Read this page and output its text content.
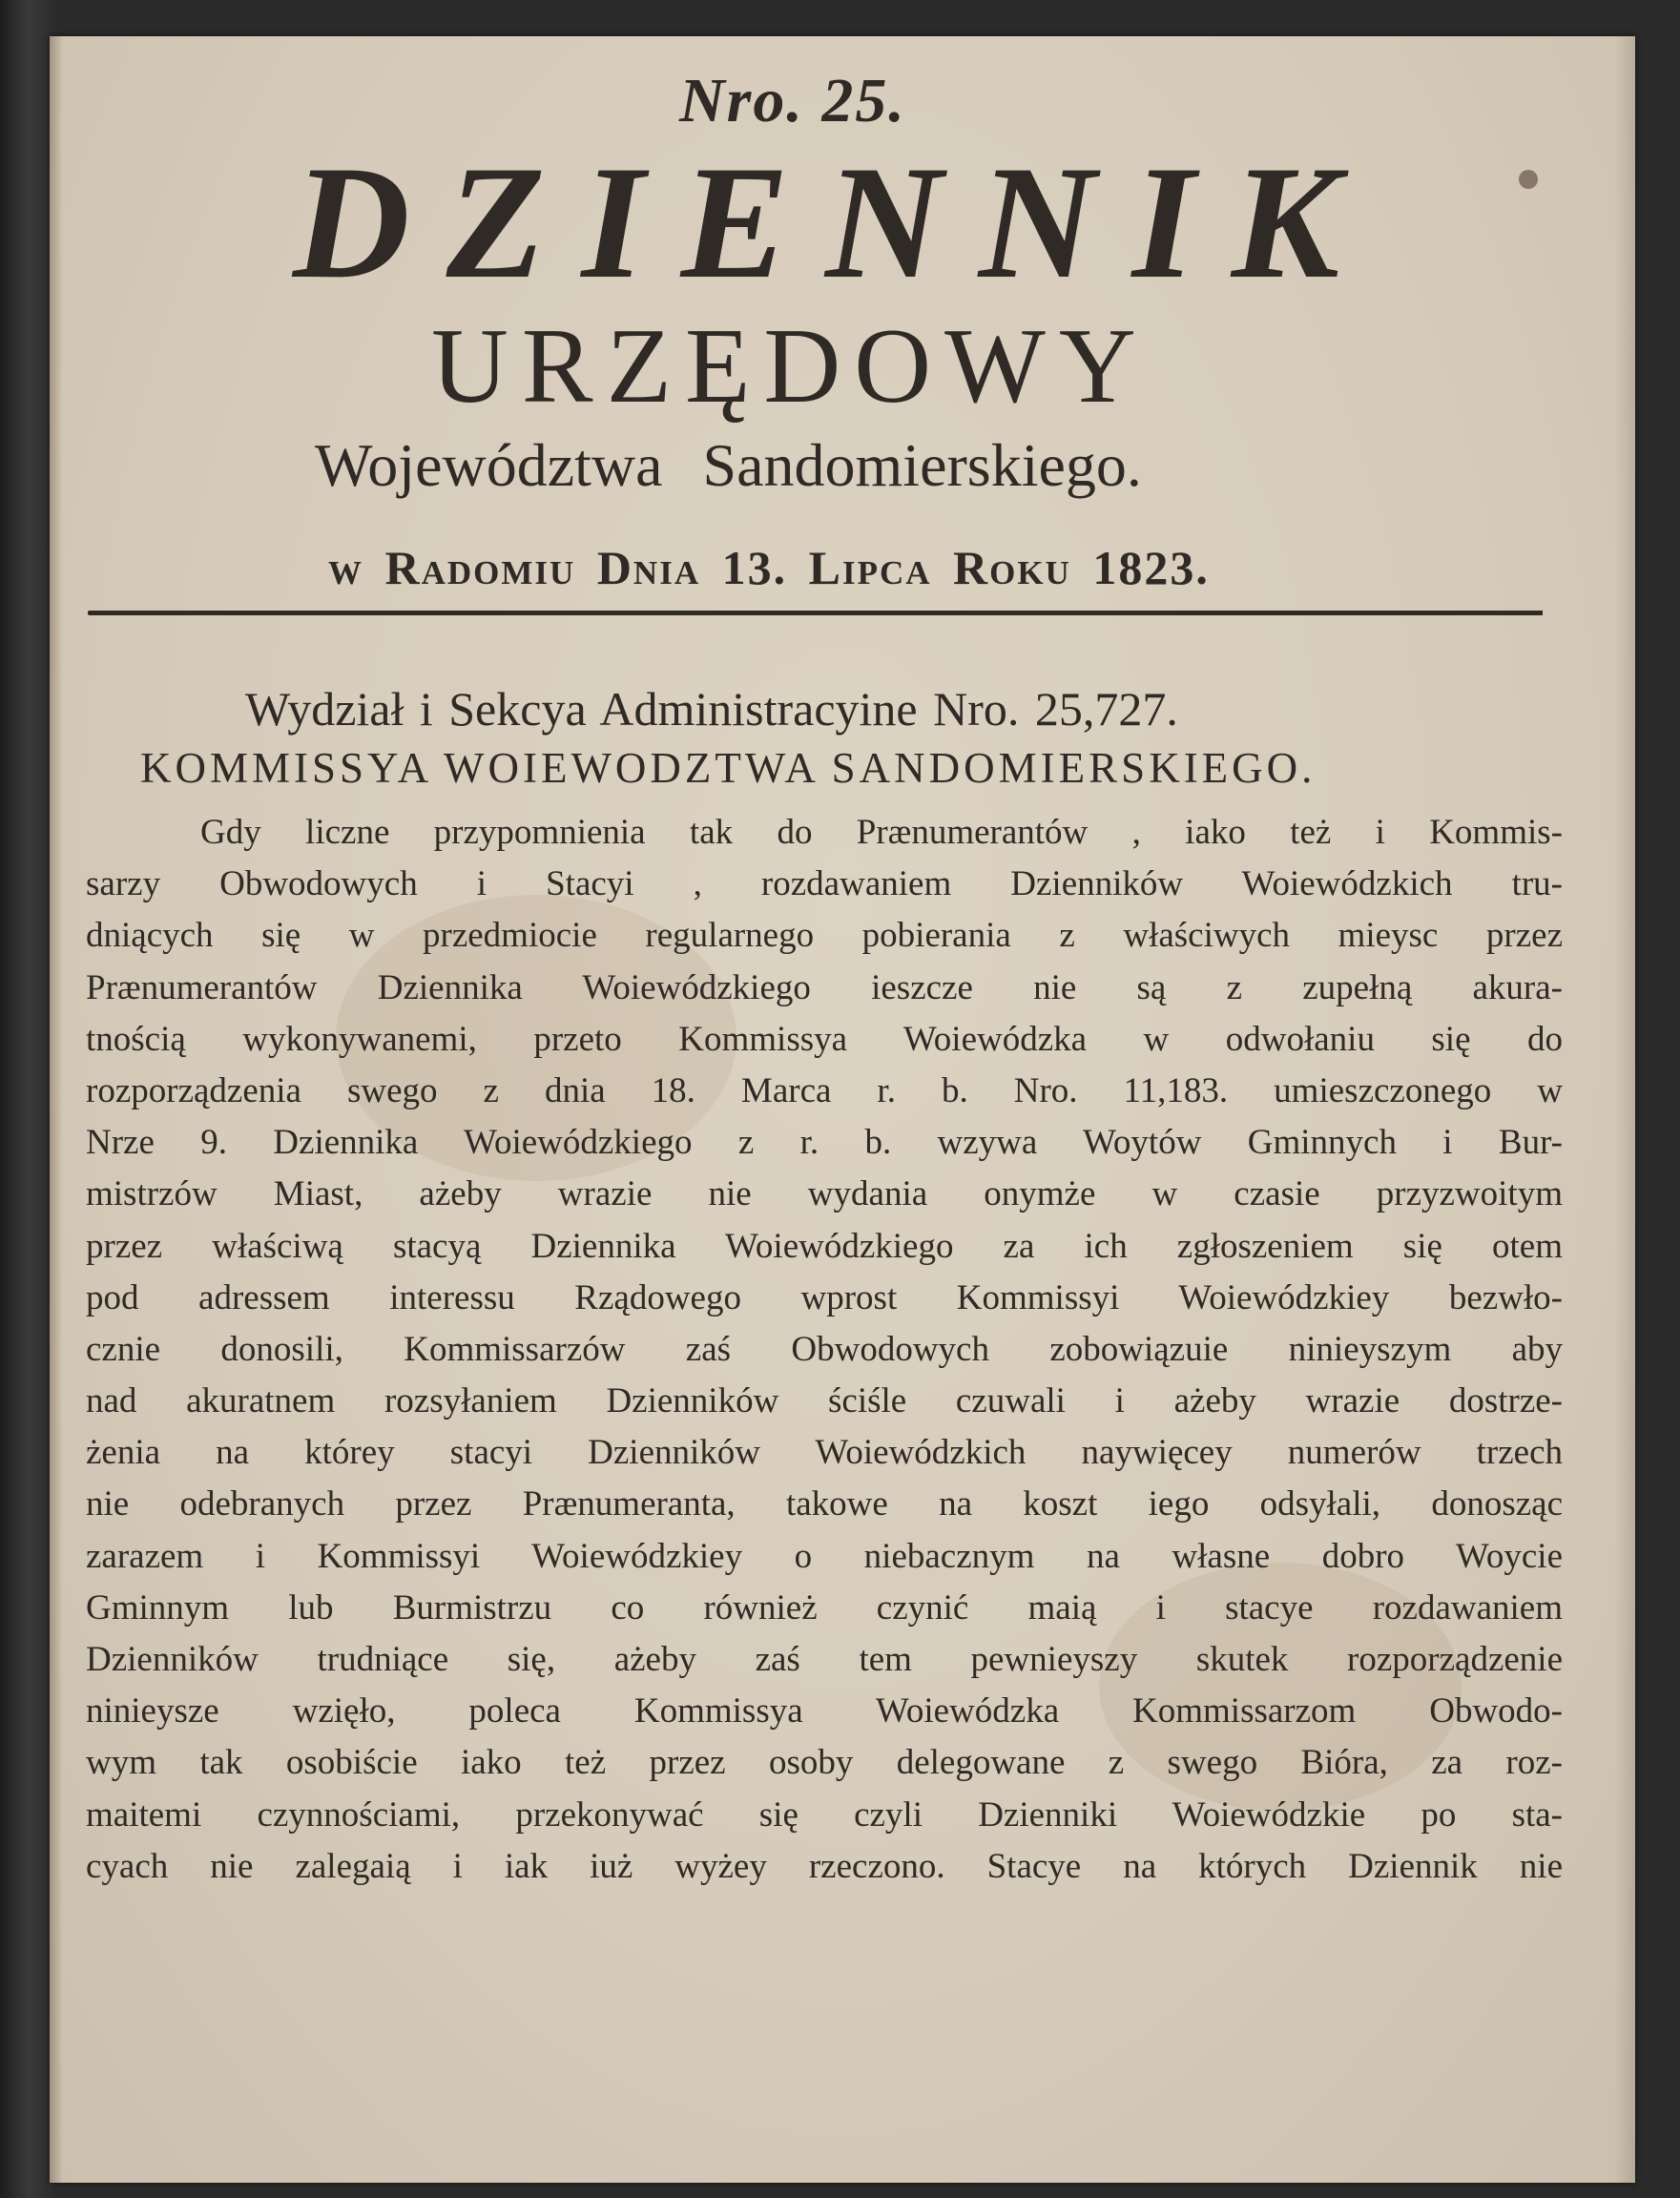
Nro. 25.
DZIENNIK
URZĘDOWY
Województwa Sandomierskiego.
w Radomiu Dnia 13. Lipca Roku 1823.
Wydział i Sekcya Administracyine Nro. 25,727.
KOMMISSYA WOIEWODZTWA SANDOMIERSKIEGO.
Gdy liczne przypomnienia tak do Prænumerantów , iako też i Kommis-
sarzy Obwodowych i Stacyi , rozdawaniem Dzienników Woiewódzkich tru-
dniących się w przedmiocie regularnego pobierania z właściwych mieysc przez
Prænumerantów Dziennika Woiewódzkiego ieszcze nie są z zupełną akura-
tnością wykonywanemi, przeto Kommissya Woiewódzka w odwołaniu się do
rozporządzenia swego z dnia 18. Marca r. b. Nro. 11,183. umieszczonego w
Nrze 9. Dziennika Woiewódzkiego z r. b. wzywa Woytów Gminnych i Bur-
mistrzów Miast, ażeby wrazie nie wydania onymże w czasie przyzwoitym
przez właściwą stacyą Dziennika Woiewódzkiego za ich zgłoszeniem się otem
pod adressem interessu Rządowego wprost Kommissyi Woiewódzkiey bezwło-
cznie donosili, Kommissarzów zaś Obwodowych zobowiązuie ninieyszym aby
nad akuratnem rozsyłaniem Dzienników ściśle czuwali i ażeby wrazie dostrze-
żenia na którey stacyi Dzienników Woiewódzkich naywięcey numerów trzech
nie odebranych przez Prænumeranta, takowe na koszt iego odsyłali, donosząc
zarazem i Kommissyi Woiewódzkiey o niebacznym na własne dobro Woycie
Gminnym lub Burmistrzu co również czynić maią i stacye rozdawaniem
Dzienników trudniące się, ażeby zaś tem pewnieyszy skutek rozporządzenie
ninieysze wzięło, poleca Kommissya Woiewódzka Kommissarzom Obwodo-
wym tak osobiście iako też przez osoby delegowane z swego Bióra, za roz-
maitemi czynnościami, przekonywać się czyli Dzienniki Woiewódzkie po sta-
cyach nie zalegaią i iak iuż wyżey rzeczono. Stacye na których Dziennik nie
